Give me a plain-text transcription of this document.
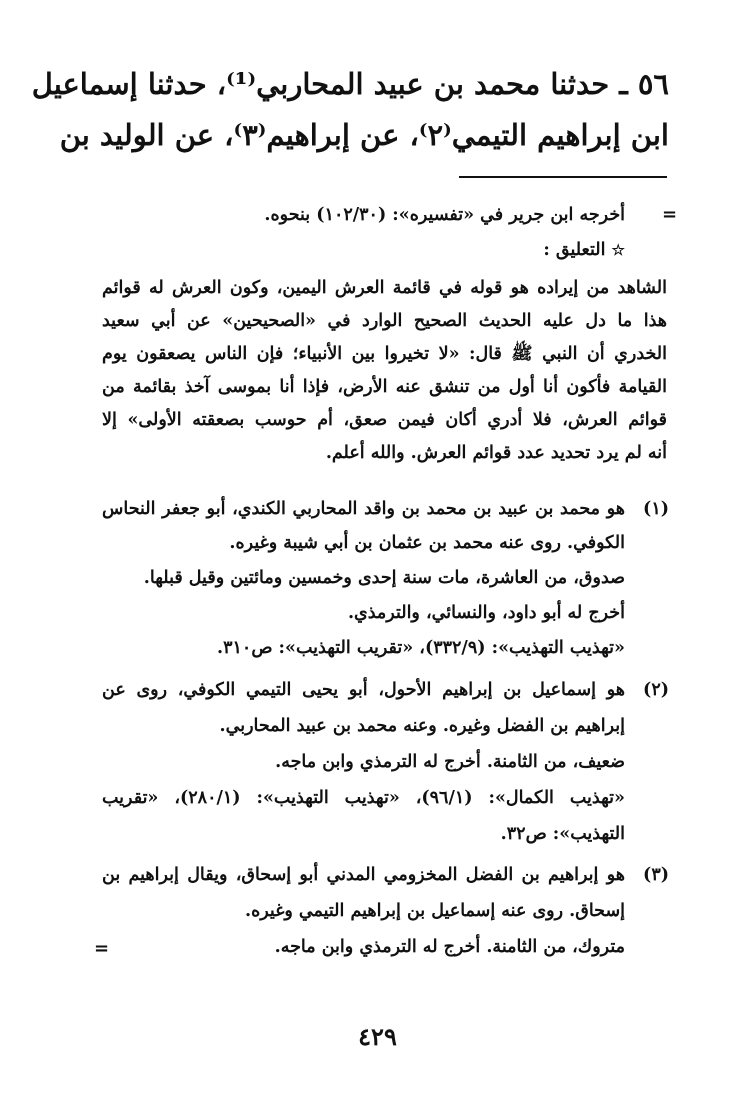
٥٦ ـ حدثنا محمد بن عبيد المحاربي⁽¹⁾، حدثنا إسماعيل
ابن إبراهيم التيمي⁽٢⁾، عن إبراهيم⁽٣⁾، عن الوليد بن
=
=
أخرجه ابن جرير في «تفسيره»: (١٠٢/٣٠) بنحوه.
☆ التعليق :
الشاهد من إيراده هو قوله في قائمة العرش اليمين، وكون العرش له قوائم
هذا ما دل عليه الحديث الصحيح الوارد في «الصحيحين» عن أبي سعيد
الخدري أن النبي ﷺ قال: «لا تخيروا بين الأنبياء؛ فإن الناس يصعقون يوم
القيامة فأكون أنا أول من تنشق عنه الأرض، فإذا أنا بموسى آخذ بقائمة من
قوائم العرش، فلا أدري أكان فيمن صعق، أم حوسب بصعقته الأولى» إلا
أنه لم يرد تحديد عدد قوائم العرش. والله أعلم.
(١)
هو محمد بن عبيد بن محمد بن واقد المحاربي الكندي، أبو جعفر النحاس
الكوفي. روى عنه محمد بن عثمان بن أبي شيبة وغيره.
صدوق، من العاشرة، مات سنة إحدى وخمسين ومائتين وقيل قبلها.
أخرج له أبو داود، والنسائي، والترمذي.
«تهذيب التهذيب»: (٣٣٢/٩)، «تقريب التهذيب»: ص٣١٠.
(٢)
هو إسماعيل بن إبراهيم الأحول، أبو يحيى التيمي الكوفي، روى عن
إبراهيم بن الفضل وغيره. وعنه محمد بن عبيد المحاربي.
ضعيف، من الثامنة. أخرج له الترمذي وابن ماجه.
«تهذيب الكمال»: (٩٦/١)، «تهذيب التهذيب»: (٢٨٠/١)، «تقريب
التهذيب»: ص٣٢.
(٣)
هو إبراهيم بن الفضل المخزومي المدني أبو إسحاق، ويقال إبراهيم بن
إسحاق. روى عنه إسماعيل بن إبراهيم التيمي وغيره.
متروك، من الثامنة. أخرج له الترمذي وابن ماجه.
٤٢٩
